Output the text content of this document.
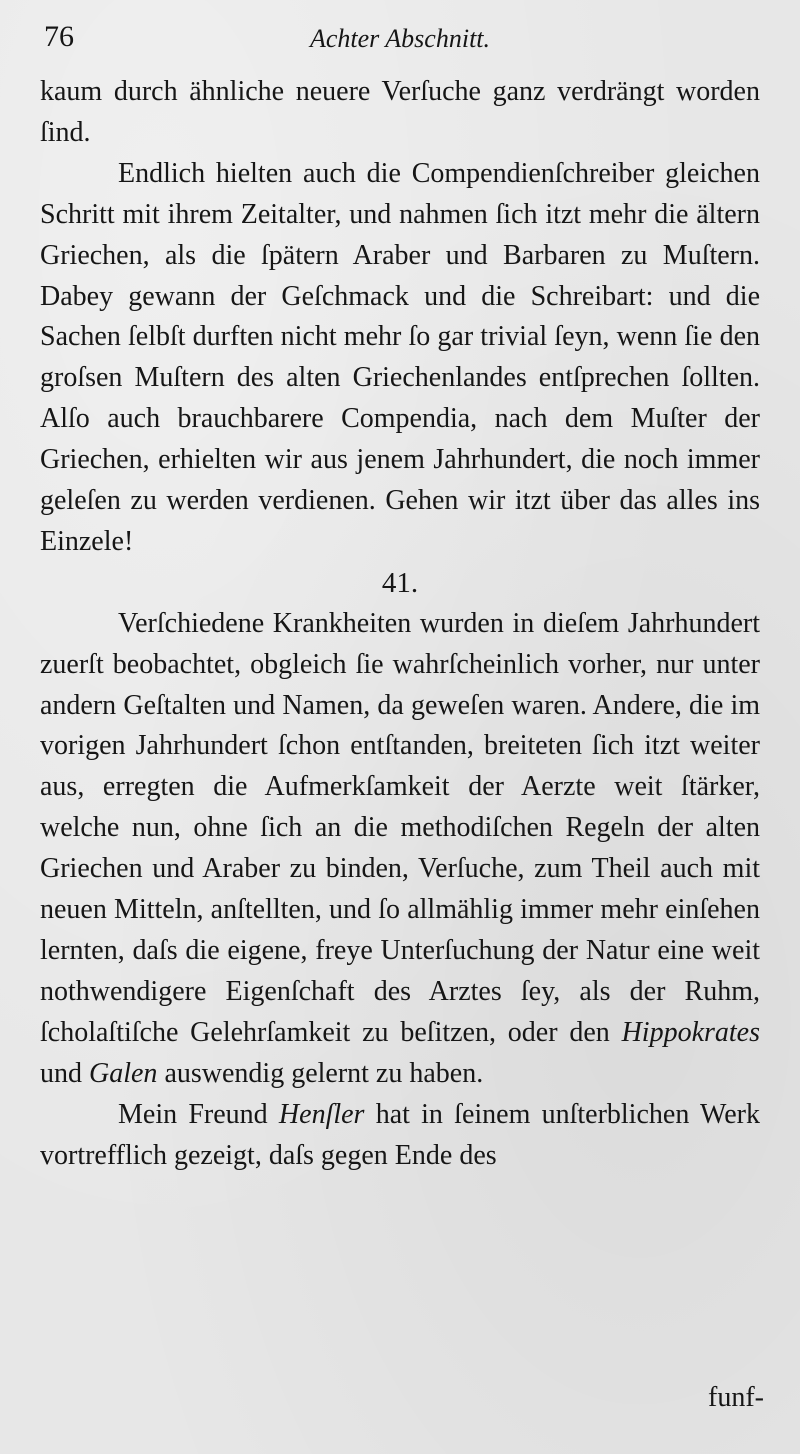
76	Achter Abschnitt.

kaum durch ähnliche neuere Verſuche ganz verdrängt worden ſind.

Endlich hielten auch die Compendienſchreiber gleichen Schritt mit ihrem Zeitalter, und nahmen ſich itzt mehr die ältern Griechen, als die ſpätern Araber und Barbaren zu Muſtern. Dabey gewann der Geſchmack und die Schreibart: und die Sachen ſelbſt durften nicht mehr ſo gar trivial ſeyn, wenn ſie den groſsen Muſtern des alten Griechenlandes entſprechen ſollten. Alſo auch brauchbarere Compendia, nach dem Muſter der Griechen, erhielten wir aus jenem Jahrhundert, die noch immer geleſen zu werden verdienen. Gehen wir itzt über das alles ins Einzele!

41.

Verſchiedene Krankheiten wurden in dieſem Jahrhundert zuerſt beobachtet, obgleich ſie wahrſcheinlich vorher, nur unter andern Geſtalten und Namen, da geweſen waren. Andere, die im vorigen Jahrhundert ſchon entſtanden, breiteten ſich itzt weiter aus, erregten die Aufmerkſamkeit der Aerzte weit ſtärker, welche nun, ohne ſich an die methodiſchen Regeln der alten Griechen und Araber zu binden, Verſuche, zum Theil auch mit neuen Mitteln, anſtellten, und ſo allmählig immer mehr einſehen lernten, daſs die eigene, freye Unterſuchung der Natur eine weit nothwendigere Eigenſchaft des Arztes ſey, als der Ruhm, ſcholaſtiſche Gelehrſamkeit zu beſitzen, oder den Hippokrates und Galen auswendig gelernt zu haben.

Mein Freund Henſler hat in ſeinem unſterblichen Werk vortrefflich gezeigt, daſs gegen Ende des

funf-
